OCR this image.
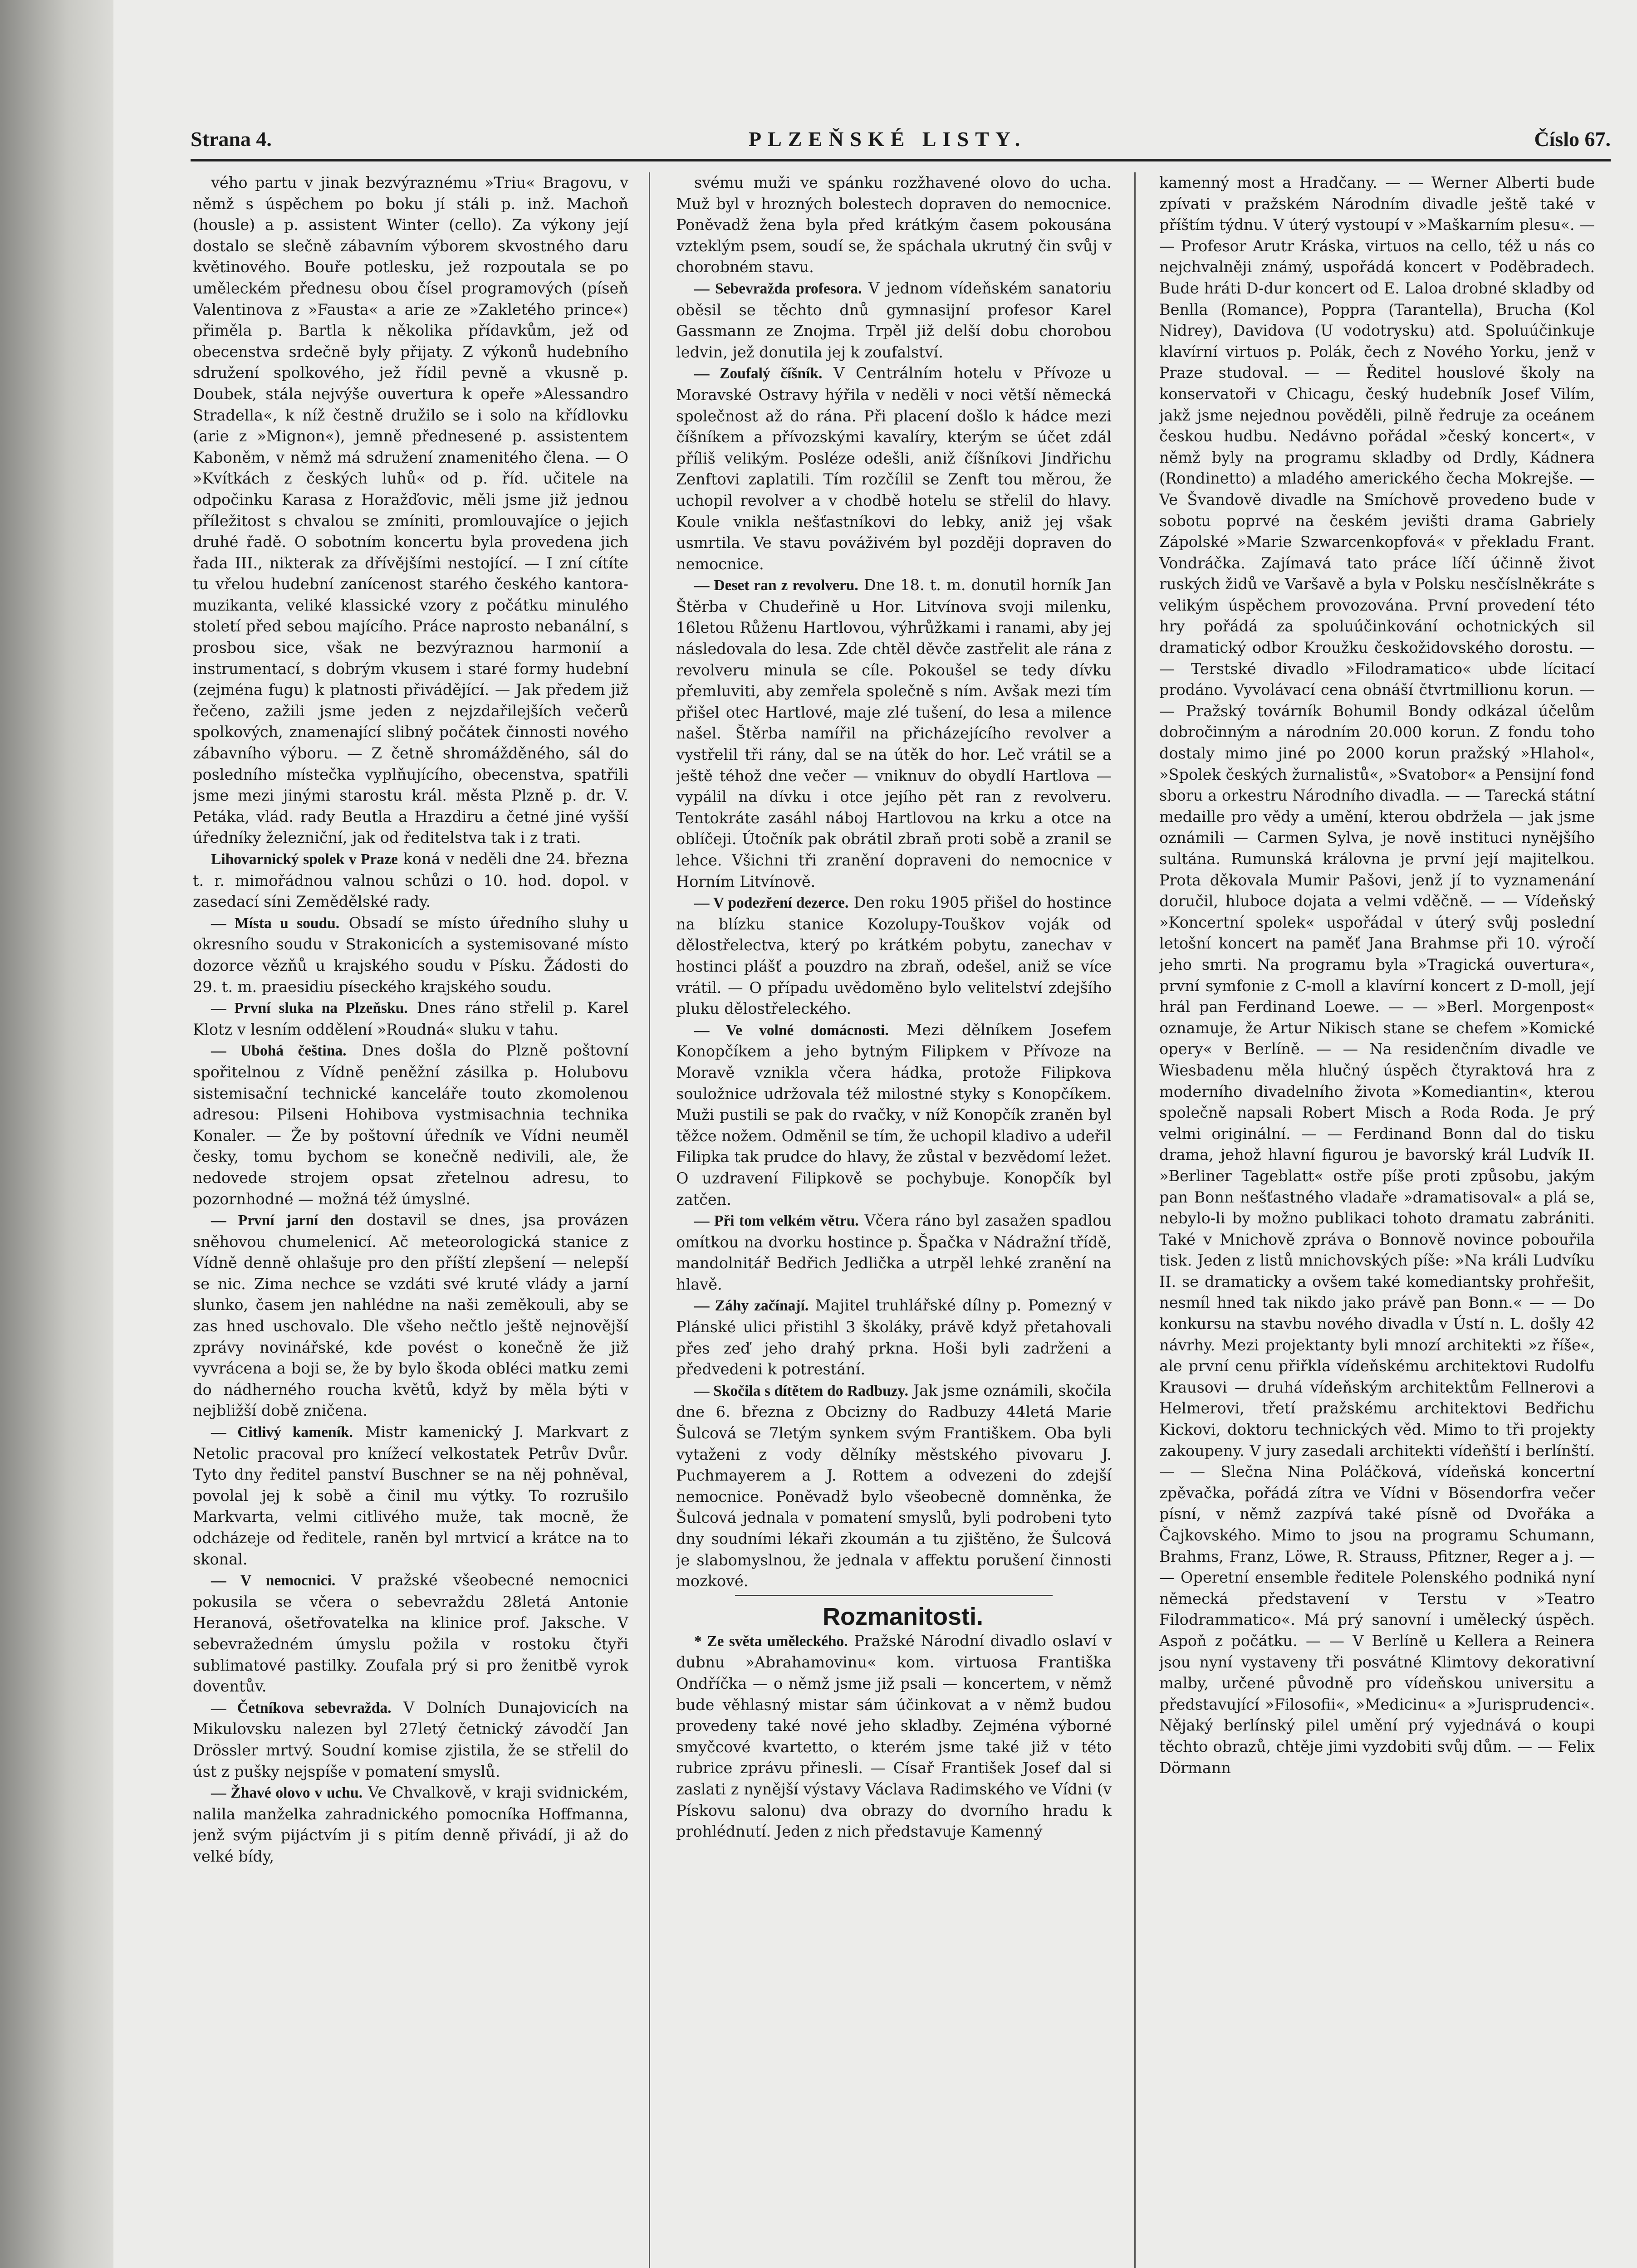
Strana 4.	PLZEŇSKÉ LISTY.	Číslo 67.

vého partu v jinak bezvýraznému »Triu« Bragovu, v němž s úspěchem po boku jí stáli p. inž. Machoň (housle) a p. assistent Winter (cello). Za výkony její dostalo se slečně zábavním výborem skvostného daru květinového. Bouře potlesku, jež rozpoutala se po uměleckém přednesu obou čísel programových (píseň Valentinova z »Fausta« a arie ze »Zakletého prince«) přiměla p. Bartla k několika přídavkům, jež od obecenstva srdečně byly přijaty. Z výkonů hudebního sdružení spolkového, jež řídil pevně a vkusně p. Doubek, stála nejvýše ouvertura k opeře »Alessandro Stradella«, k níž čestně družilo se i solo na křídlovku (arie z »Mignon«), jemně přednesené p. assistentem Kaboněm, v němž má sdružení znamenitého člena. — O »Kvítkách z českých luhů« od p. říd. učitele na odpočinku Karasa z Horažďovic, měli jsme již jednou příležitost s chvalou se zmíniti, promlouvajíce o jejich druhé řadě. O sobotním koncertu byla provedena jich řada III., nikterak za dřívějšími nestojící. — I zní cítíte tu vřelou hudební zanícenost starého českého kantora-muzikanta, veliké klassické vzory z počátku minulého století před sebou majícího. Práce naprosto nebanální, s prosbou sice, však ne bezvýraznou harmonií a instrumentací, s dobrým vkusem i staré formy hudební (zejména fugu) k platnosti přivádějící. — Jak předem již řečeno, zažili jsme jeden z nejzdařilejších večerů spolkových, znamenající slibný počátek činnosti nového zábavního výboru. — Z četně shromážděného, sál do posledního místečka vyplňujícího, obecenstva, spatřili jsme mezi jinými starostu král. města Plzně p. dr. V. Petáka, vlád. rady Beutla a Hrazdiru a četné jiné vyšší úředníky železniční, jak od ředitelstva tak i z trati.

Lihovarnický spolek v Praze koná v neděli dne 24. března t. r. mimořádnou valnou schůzi o 10. hod. dopol. v zasedací síni Zemědělské rady.

— Místa u soudu. Obsadí se místo úředního sluhy u okresního soudu v Strakonicích a systemisované místo dozorce vězňů u krajského soudu v Písku. Žádosti do 29. t. m. praesidiu píseckého krajského soudu.

— První sluka na Plzeňsku. Dnes ráno střelil p. Karel Klotz v lesním oddělení »Roudná« sluku v tahu.

— Ubohá čeština. Dnes došla do Plzně poštovní spořitelnou z Vídně peněžní zásilka p. Holubovu sistemisační technické kanceláře touto zkomolenou adresou: Pilseni Hohibova vystmisachnia technika Konaler. — Že by poštovní úředník ve Vídni neuměl česky, tomu bychom se konečně nedivili, ale, že nedovede strojem opsat zřetelnou adresu, to pozornhodné — možná též úmyslné.

— První jarní den dostavil se dnes, jsa provázen sněhovou chumelenicí. Ač meteorologická stanice z Vídně denně ohlašuje pro den příští zlepšení — nelepší se nic. Zima nechce se vzdáti své kruté vlády a jarní slunko, časem jen nahlédne na naši zeměkouli, aby se zas hned uschovalo. Dle všeho nečtlo ještě nejnovější zprávy novinářské, kde povést o konečně že již vyvrácena a boji se, že by bylo škoda obléci matku zemi do nádherného roucha květů, když by měla býti v nejbližší době zničena.

— Citlivý kameník. Mistr kamenický J. Markvart z Netolic pracoval pro knížecí velkostatek Petrův Dvůr. Tyto dny ředitel panství Buschner se na něj pohněval, povolal jej k sobě a činil mu výtky. To rozrušilo Markvarta, velmi citlivého muže, tak mocně, že odcházeje od ředitele, raněn byl mrtvicí a krátce na to skonal.

— V nemocnici. V pražské všeobecné nemocnici pokusila se včera o sebevraždu 28letá Antonie Heranová, ošetřovatelka na klinice prof. Jaksche. V sebevražedném úmyslu požila v rostoku čtyři sublimatové pastilky. Zoufala prý si pro ženitbě vyrok doventův.

— Četníkova sebevražda. V Dolních Dunajovicích na Mikulovsku nalezen byl 27letý četnický závodčí Jan Drössler mrtvý. Soudní komise zjistila, že se střelil do úst z pušky nejspíše v pomatení smyslů.

— Žhavé olovo v uchu. Ve Chvalkově, v kraji svidnickém, nalila manželka zahradnického pomocníka Hoffmanna, jenž svým pijáctvím ji s pitím denně přivádí, ji až do velké bídy,

svému muži ve spánku rozžhavené olovo do ucha. Muž byl v hrozných bolestech dopraven do nemocnice. Poněvadž žena byla před krátkým časem pokousána vzteklým psem, soudí se, že spáchala ukrutný čin svůj v chorobném stavu.

— Sebevražda profesora. V jednom vídeňském sanatoriu oběsil se těchto dnů gymnasijní profesor Karel Gassmann ze Znojma. Trpěl již delší dobu chorobou ledvin, jež donutila jej k zoufalství.

— Zoufalý číšník. V Centrálním hotelu v Přívoze u Moravské Ostravy hýřila v neděli v noci větší německá společnost až do rána. Při placení došlo k hádce mezi číšníkem a přívozskými kavalíry, kterým se účet zdál příliš velikým. Posléze odešli, aniž číšníkovi Jindřichu Zenftovi zaplatili. Tím rozčílil se Zenft tou měrou, že uchopil revolver a v chodbě hotelu se střelil do hlavy. Koule vnikla nešťastníkovi do lebky, aniž jej však usmrtila. Ve stavu pováživém byl později dopraven do nemocnice.

— Deset ran z revolveru. Dne 18. t. m. donutil horník Jan Štěrba v Chudeřině u Hor. Litvínova svoji milenku, 16letou Růženu Hartlovou, výhrůžkami i ranami, aby jej následovala do lesa. Zde chtěl děvče zastřelit ale rána z revolveru minula se cíle. Pokoušel se tedy dívku přemluviti, aby zemřela společně s ním. Avšak mezi tím přišel otec Hartlové, maje zlé tušení, do lesa a milence našel. Štěrba namířil na přicházejícího revolver a vystřelil tři rány, dal se na útěk do hor. Leč vrátil se a ještě téhož dne večer — vniknuv do obydlí Hartlova — vypálil na dívku i otce jejího pět ran z revolveru. Tentokráte zasáhl náboj Hartlovou na krku a otce na oblíčeji. Útočník pak obrátil zbraň proti sobě a zranil se lehce. Všichni tři zranění dopraveni do nemocnice v Horním Litvínově.

— V podezření dezerce. Den roku 1905 přišel do hostince na blízku stanice Kozolupy-Touškov voják od dělostřelectva, který po krátkém pobytu, zanechav v hostinci plášť a pouzdro na zbraň, odešel, aniž se více vrátil. — O případu uvědoměno bylo velitelství zdejšího pluku dělostřeleckého.

— Ve volné domácnosti. Mezi dělníkem Josefem Konopčíkem a jeho bytným Filipkem v Přívoze na Moravě vznikla včera hádka, protože Filipkova souložnice udržovala též milostné styky s Konopčíkem. Muži pustili se pak do rvačky, v níž Konopčík zraněn byl těžce nožem. Odměnil se tím, že uchopil kladivo a udeřil Filipka tak prudce do hlavy, že zůstal v bezvědomí ležet. O uzdravení Filipkově se pochybuje. Konopčík byl zatčen.

— Při tom velkém větru. Včera ráno byl zasažen spadlou omítkou na dvorku hostince p. Špačka v Nádražní třídě, mandolnitář Bedřich Jedlička a utrpěl lehké zranění na hlavě.

— Záhy začínají. Majitel truhlářské dílny p. Pomezný v Plánské ulici přistihl 3 školáky, právě když přetahovali přes zeď jeho drahý prkna. Hoši byli zadrženi a předvedeni k potrestání.

— Skočila s dítětem do Radbuzy. Jak jsme oznámili, skočila dne 6. března z Obcizny do Radbuzy 44letá Marie Šulcová se 7letým synkem svým Františkem. Oba byli vytaženi z vody dělníky městského pivovaru J. Puchmayerem a J. Rottem a odvezeni do zdejší nemocnice. Poněvadž bylo všeobecně domněnka, že Šulcová jednala v pomatení smyslů, byli podrobeni tyto dny soudními lékaři zkoumán a tu zjištěno, že Šulcová je slabomyslnou, že jednala v affektu porušení činnosti mozkové.

Rozmanitosti.

* Ze světa uměleckého. Pražské Národní divadlo oslaví v dubnu »Abrahamovinu« kom. virtuosa Františka Ondříčka — o němž jsme již psali — koncertem, v němž bude věhlasný mistar sám účinkovat a v němž budou provedeny také nové jeho skladby. Zejména výborné smyčcové kvartetto, o kterém jsme také již v této rubrice zprávu přinesli. — Císař František Josef dal si zaslati z nynější výstavy Václava Radimského ve Vídni (v Pískovu salonu) dva obrazy do dvorního hradu k prohlédnutí. Jeden z nich představuje Kamenný

kamenný most a Hradčany. — — Werner Alberti bude zpívati v pražském Národním divadle ještě také v příštím týdnu. V úterý vystoupí v »Maškarním plesu«. — — Profesor Arutr Kráska, virtuos na cello, též u nás co nejchvalněji známý, uspořádá koncert v Poděbradech. Bude hráti D-dur koncert od E. Laloa drobné skladby od Benlla (Romance), Poppra (Tarantella), Brucha (Kol Nidrey), Davidova (U vodotrysku) atd. Spoluúčinkuje klavírní virtuos p. Polák, čech z Nového Yorku, jenž v Praze studoval. — — Ředitel houslové školy na konservatoři v Chicagu, český hudebník Josef Vilím, jakž jsme nejednou pověděli, pilně ředruje za oceánem českou hudbu. Nedávno pořádal »český koncert«, v němž byly na programu skladby od Drdly, Kádnera (Rondinetto) a mladého amerického čecha Mokrejše. — Ve Švandově divadle na Smíchově provedeno bude v sobotu poprvé na českém jevišti drama Gabriely Zápolské »Marie Szwarcenkopfová« v překladu Frant. Vondráčka. Zajímavá tato práce líčí účinně život ruských židů ve Varšavě a byla v Polsku nesčíslněkráte s velikým úspěchem provozována. První provedení této hry pořádá za spoluúčinkování ochotnických sil dramatický odbor Kroužku českožidovského dorostu. — — Terstské divadlo »Filodramatico« ubde lícitací prodáno. Vyvolávací cena obnáší čtvrtmillionu korun. — — Pražský továrník Bohumil Bondy odkázal účelům dobročinným a národním 20.000 korun. Z fondu toho dostaly mimo jiné po 2000 korun pražský »Hlahol«, »Spolek českých žurnalistů«, »Svatobor« a Pensijní fond sboru a orkestru Národního divadla. — — Tarecká státní medaille pro vědy a umění, kterou obdržela — jak jsme oznámili — Carmen Sylva, je nově instituci nynějšího sultána. Rumunská královna je první její majitelkou. Prota děkovala Mumir Pašovi, jenž jí to vyznamenání doručil, hluboce dojata a velmi vděčně. — — Vídeňský »Koncertní spolek« uspořádal v úterý svůj poslední letošní koncert na paměť Jana Brahmse při 10. výročí jeho smrti. Na programu byla »Tragická ouvertura«, první symfonie z C-moll a klavírní koncert z D-moll, její hrál pan Ferdinand Loewe. — — »Berl. Morgenpost« oznamuje, že Artur Nikisch stane se chefem »Komické opery« v Berlíně. — — Na residenčním divadle ve Wiesbadenu měla hlučný úspěch čtyraktová hra z moderního divadelního života »Komediantin«, kterou společně napsali Robert Misch a Roda Roda. Je prý velmi originální. — — Ferdinand Bonn dal do tisku drama, jehož hlavní figurou je bavorský král Ludvík II. »Berliner Tageblatt« ostře píše proti způsobu, jakým pan Bonn nešťastného vladaře »dramatisoval« a plá se, nebylo-li by možno publikaci tohoto dramatu zabrániti. Také v Mnichově zpráva o Bonnově novince pobouřila tisk. Jeden z listů mnichovských píše: »Na králi Ludvíku II. se dramaticky a ovšem také komediantsky prohřešit, nesmíl hned tak nikdo jako právě pan Bonn.« — — Do konkursu na stavbu nového divadla v Ústí n. L. došly 42 návrhy. Mezi projektanty byli mnozí architekti »z říše«, ale první cenu přiřkla vídeňskému architektovi Rudolfu Krausovi — druhá vídeňským architektům Fellnerovi a Helmerovi, třetí pražskému architektovi Bedřichu Kickovi, doktoru technických věd. Mimo to tři projekty zakoupeny. V jury zasedali architekti vídeňští i berlínští. — — Slečna Nina Poláčková, vídeňská koncertní zpěvačka, pořádá zítra ve Vídni v Bösendorfra večer písní, v němž zazpívá také písně od Dvořáka a Čajkovského. Mimo to jsou na programu Schumann, Brahms, Franz, Löwe, R. Strauss, Pfitzner, Reger a j. — — Operetní ensemble ředitele Polenského podniká nyní německá představení v Terstu v »Teatro Filodrammatico«. Má prý sanovní i umělecký úspěch. Aspoň z počátku. — — V Berlíně u Kellera a Reinera jsou nyní vystaveny tři posvátné Klimtovy dekorativní malby, určené původně pro vídeňskou universitu a představující »Filosofii«, »Medicinu« a »Jurisprudenci«. Nějaký berlínský pilel umění prý vyjednává o koupi těchto obrazů, chtěje jimi vyzdobiti svůj dům. — — Felix Dörmann
